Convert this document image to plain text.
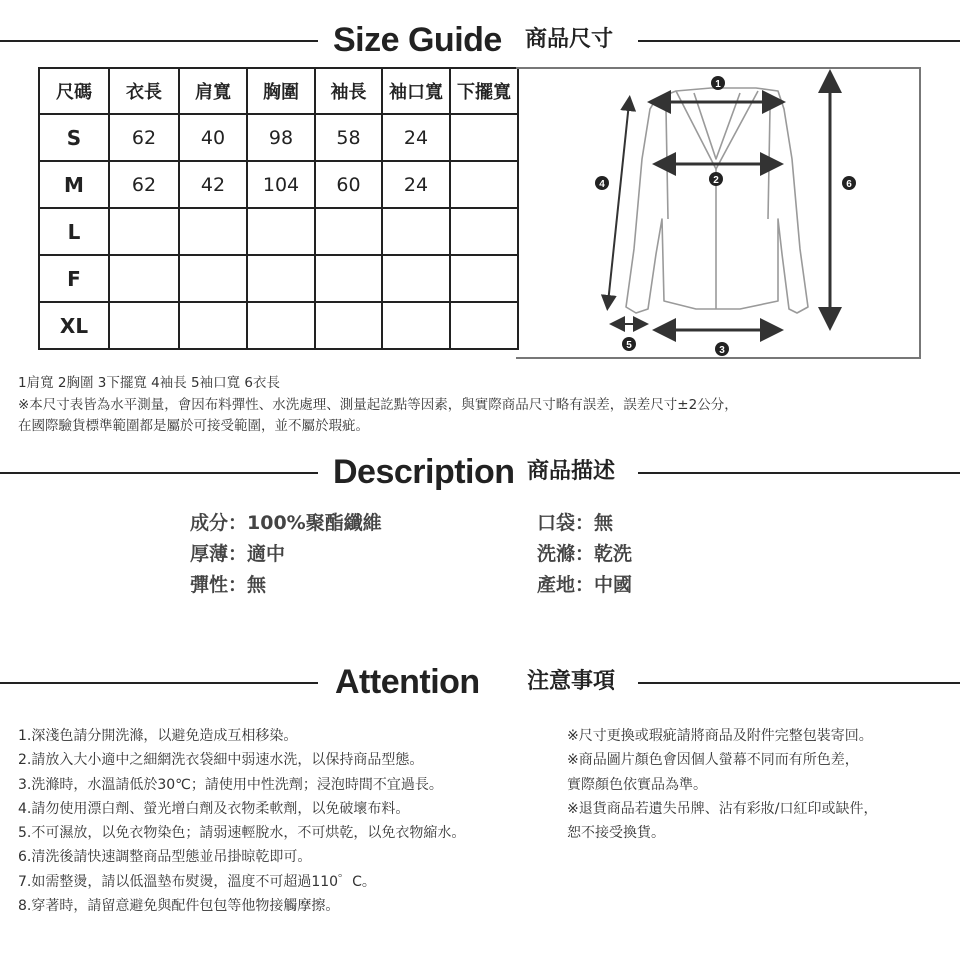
Size Guide 商品尺寸
尺碼	衣長	肩寬	胸圍	袖長	袖口寬	下擺寬
S	62	40	98	58	24	
M	62	42	104	60	24	
L						
F						
XL						
1
2
3
4
5
6
1肩寬 2胸圍 3下擺寬 4袖長 5袖口寬 6衣長
※本尺寸表皆為水平測量，會因布料彈性、水洗處理、測量起訖點等因素，與實際商品尺寸略有誤差，誤差尺寸±2公分，
在國際驗貨標準範圍都是屬於可接受範圍，並不屬於瑕疵。
Description 商品描述
成分：100%聚酯纖維
厚薄：適中
彈性：無
口袋：無
洗滌：乾洗
產地：中國
Attention 注意事項
1.深淺色請分開洗滌，以避免造成互相移染。
2.請放入大小適中之細網洗衣袋細中弱速水洗，以保持商品型態。
3.洗滌時，水溫請低於30℃；請使用中性洗劑；浸泡時間不宜過長。
4.請勿使用漂白劑、螢光增白劑及衣物柔軟劑，以免破壞布料。
5.不可濕放，以免衣物染色；請弱速輕脫水，不可烘乾，以免衣物縮水。
6.清洗後請快速調整商品型態並吊掛晾乾即可。
7.如需整燙，請以低溫墊布熨燙，溫度不可超過110゜C。
8.穿著時，請留意避免與配件包包等他物接觸摩擦。
※尺寸更換或瑕疵請將商品及附件完整包裝寄回。
※商品圖片顏色會因個人螢幕不同而有所色差，
實際顏色依實品為準。
※退貨商品若遺失吊牌、沾有彩妝/口紅印或缺件，
恕不接受換貨。
